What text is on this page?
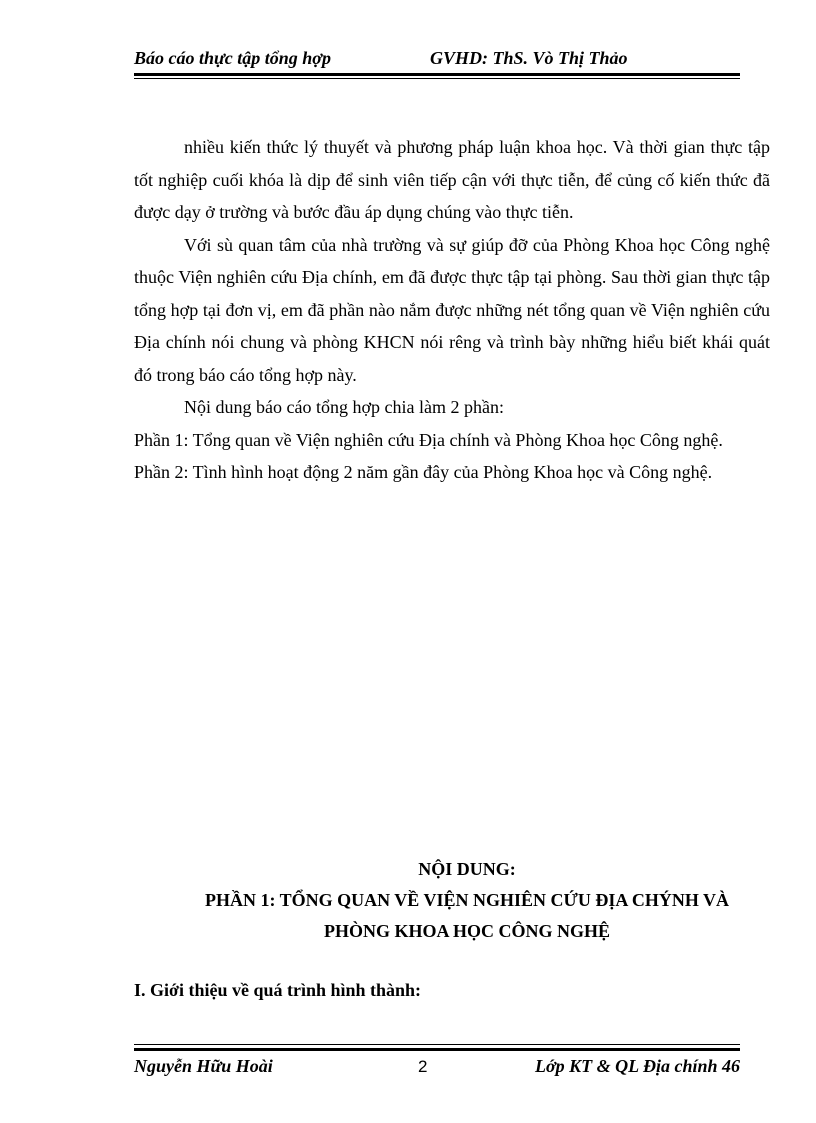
Báo cáo thực tập tổng hợp	GVHD: ThS. Vò Thị Thảo

nhiều kiến thức lý thuyết và phương pháp luận khoa học. Và thời gian thực tập tốt nghiệp cuối khóa là dịp để sinh viên tiếp cận với thực tiễn, để củng cố kiến thức đã được dạy ở trường và bước đầu áp dụng chúng vào thực tiễn.

Với sù quan tâm của nhà trường và sự giúp đỡ của Phòng Khoa học Công nghệ thuộc Viện nghiên cứu Địa chính, em đã được thực tập tại phòng. Sau thời gian thực tập tổng hợp tại đơn vị, em đã phần nào nắm được những nét tổng quan về Viện nghiên cứu Địa chính nói chung và phòng KHCN nói rêng và trình bày những hiểu biết khái quát đó trong báo cáo tổng hợp này.

Nội dung báo cáo tổng hợp chia làm 2 phần:

Phần 1: Tổng quan về Viện nghiên cứu Địa chính và Phòng Khoa học Công nghệ.

Phần 2: Tình hình hoạt động 2 năm gần đây của Phòng Khoa học và Công nghệ.

NỘI DUNG:
PHẦN 1: TỔNG QUAN VỀ VIỆN NGHIÊN CỨU ĐỊA CHÝNH VÀ
PHÒNG KHOA HỌC CÔNG NGHỆ
I. Giới thiệu về quá trình hình thành:
Nguyễn Hữu Hoài	2	Lớp KT & QL Địa chính 46
